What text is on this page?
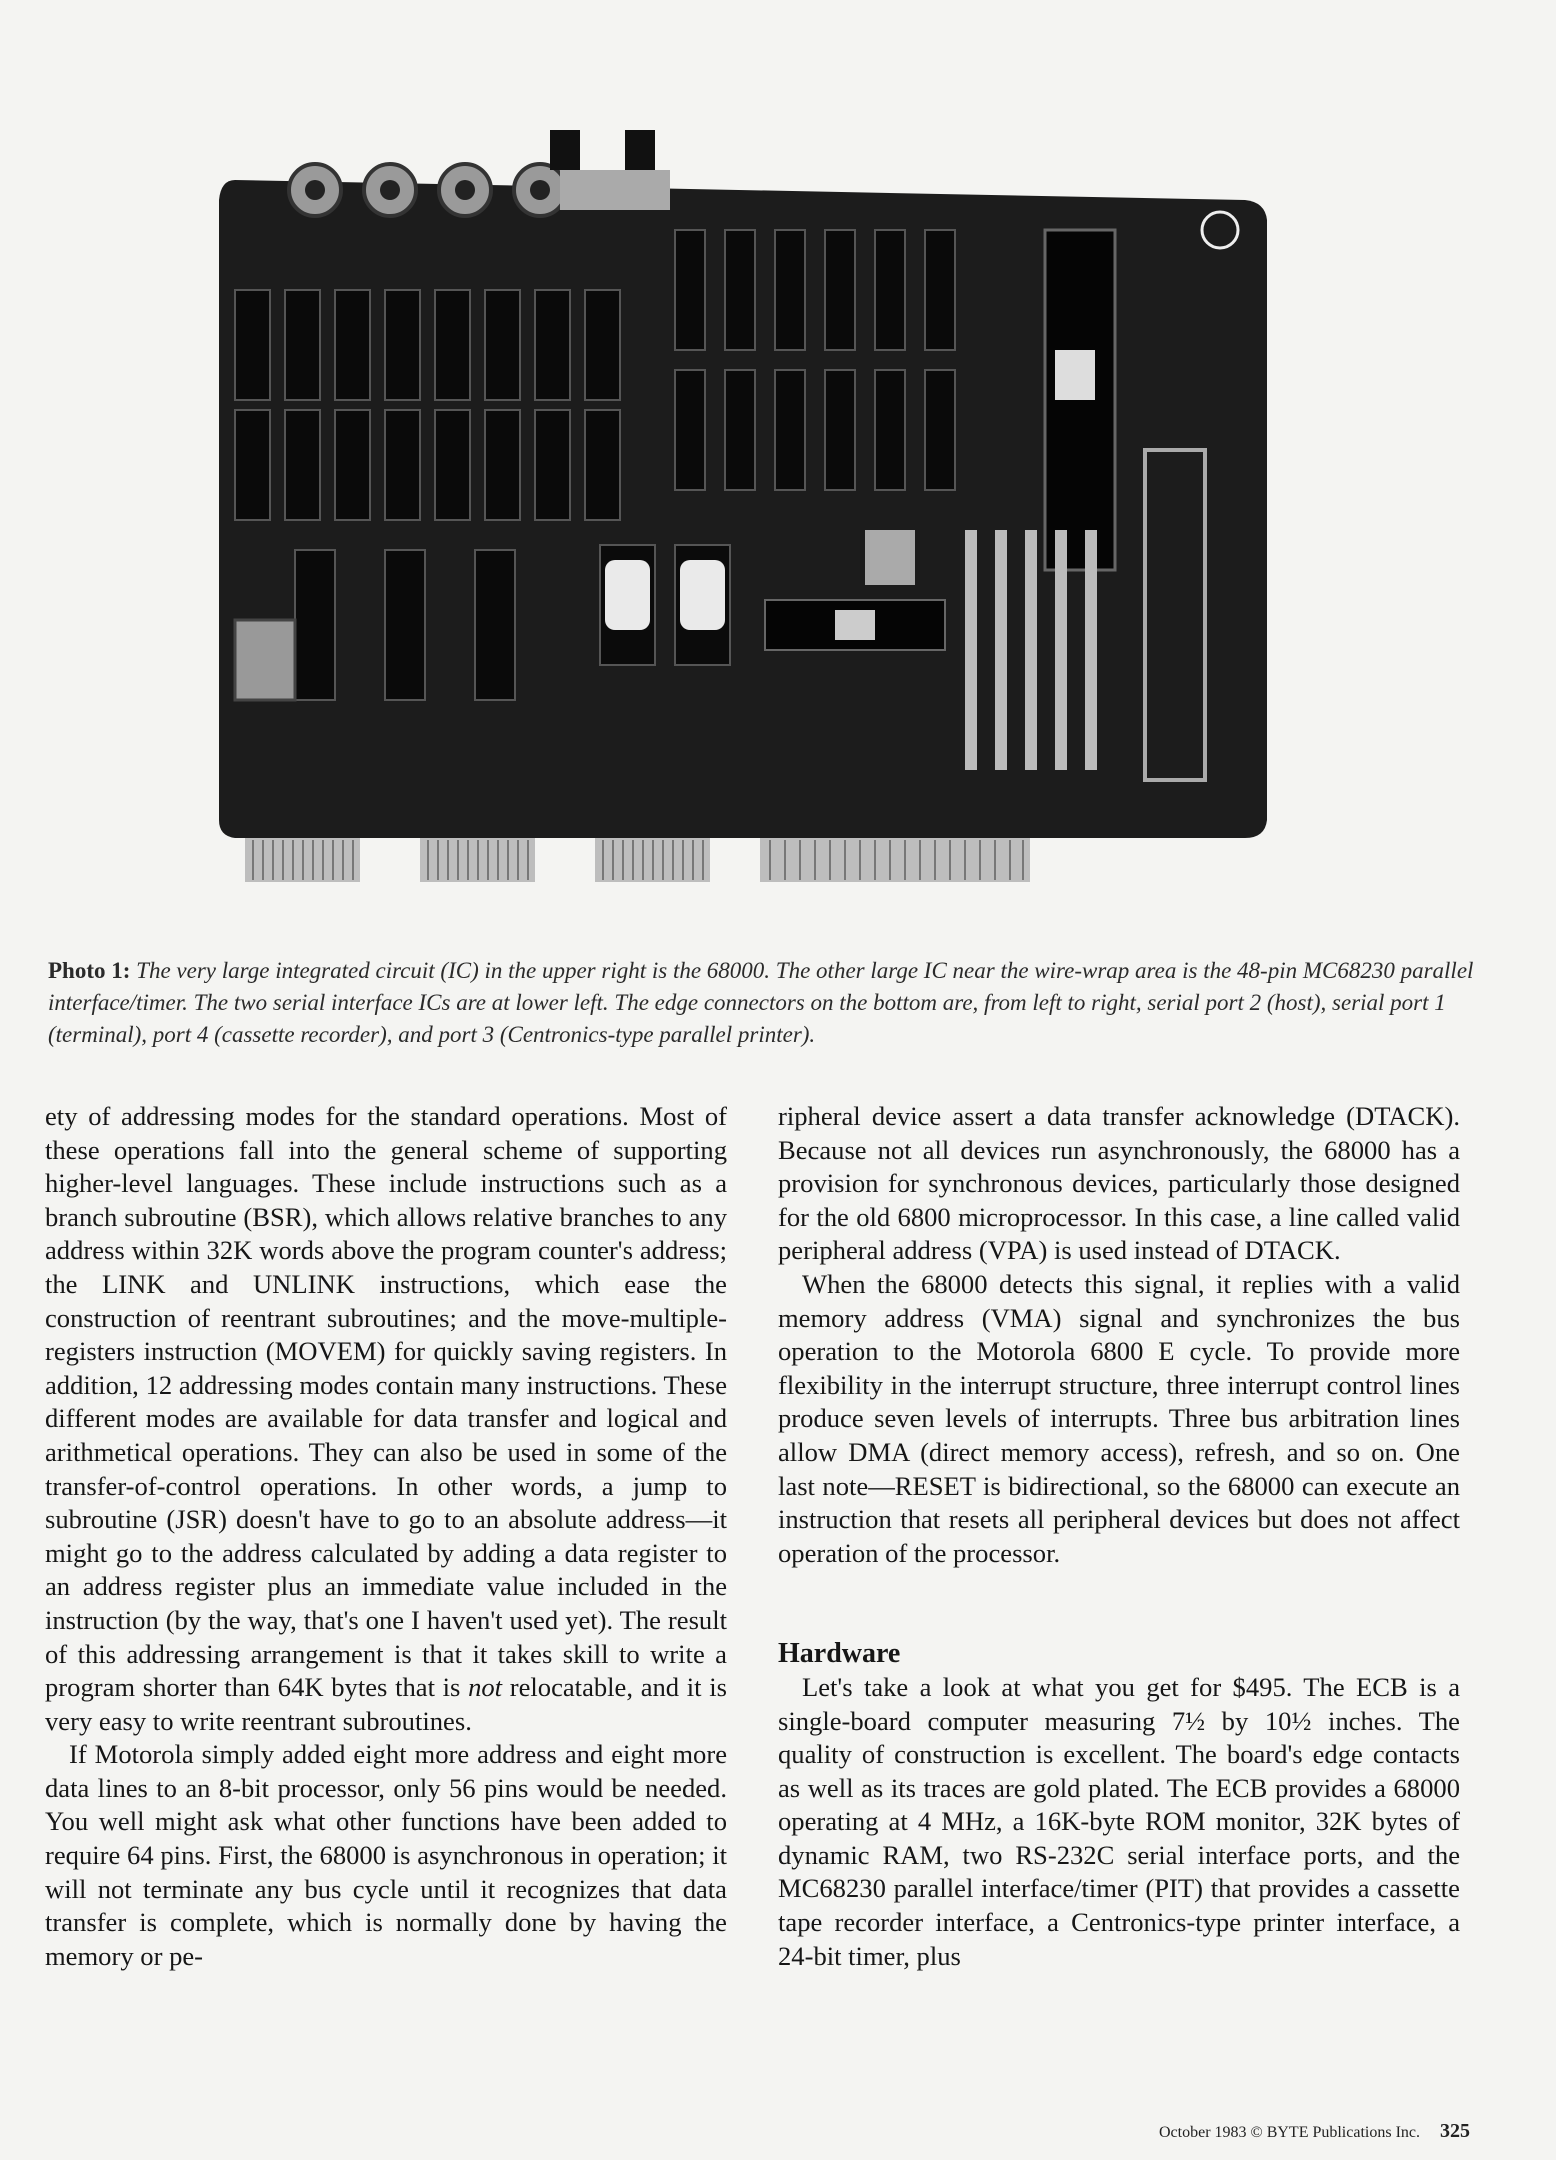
Photo 1: The very large integrated circuit (IC) in the upper right is the 68000. The other large IC near the wire-wrap area is the 48-pin MC68230 parallel interface/timer. The two serial interface ICs are at lower left. The edge connectors on the bottom are, from left to right, serial port 2 (host), serial port 1 (terminal), port 4 (cassette recorder), and port 3 (Centronics-type parallel printer).

ety of addressing modes for the standard operations. Most of these operations fall into the general scheme of supporting higher-level languages. These include instructions such as a branch subroutine (BSR), which allows relative branches to any address within 32K words above the program counter's address; the LINK and UNLINK instructions, which ease the construction of reentrant subroutines; and the move-multiple-registers instruction (MOVEM) for quickly saving registers. In addition, 12 addressing modes contain many instructions. These different modes are available for data transfer and logical and arithmetical operations. They can also be used in some of the transfer-of-control operations. In other words, a jump to subroutine (JSR) doesn't have to go to an absolute address—it might go to the address calculated by adding a data register to an address register plus an immediate value included in the instruction (by the way, that's one I haven't used yet). The result of this addressing arrangement is that it takes skill to write a program shorter than 64K bytes that is not relocatable, and it is very easy to write reentrant subroutines.

If Motorola simply added eight more address and eight more data lines to an 8-bit processor, only 56 pins would be needed. You well might ask what other functions have been added to require 64 pins. First, the 68000 is asynchronous in operation; it will not terminate any bus cycle until it recognizes that data transfer is complete, which is normally done by having the memory or pe-

ripheral device assert a data transfer acknowledge (DTACK). Because not all devices run asynchronously, the 68000 has a provision for synchronous devices, particularly those designed for the old 6800 microprocessor. In this case, a line called valid peripheral address (VPA) is used instead of DTACK.

When the 68000 detects this signal, it replies with a valid memory address (VMA) signal and synchronizes the bus operation to the Motorola 6800 E cycle. To provide more flexibility in the interrupt structure, three interrupt control lines produce seven levels of interrupts. Three bus arbitration lines allow DMA (direct memory access), refresh, and so on. One last note—RESET is bidirectional, so the 68000 can execute an instruction that resets all peripheral devices but does not affect operation of the processor.

Hardware

Let's take a look at what you get for $495. The ECB is a single-board computer measuring 7½ by 10½ inches. The quality of construction is excellent. The board's edge contacts as well as its traces are gold plated. The ECB provides a 68000 operating at 4 MHz, a 16K-byte ROM monitor, 32K bytes of dynamic RAM, two RS-232C serial interface ports, and the MC68230 parallel interface/timer (PIT) that provides a cassette tape recorder interface, a Centronics-type printer interface, a 24-bit timer, plus

October 1983 © BYTE Publications Inc. 325
